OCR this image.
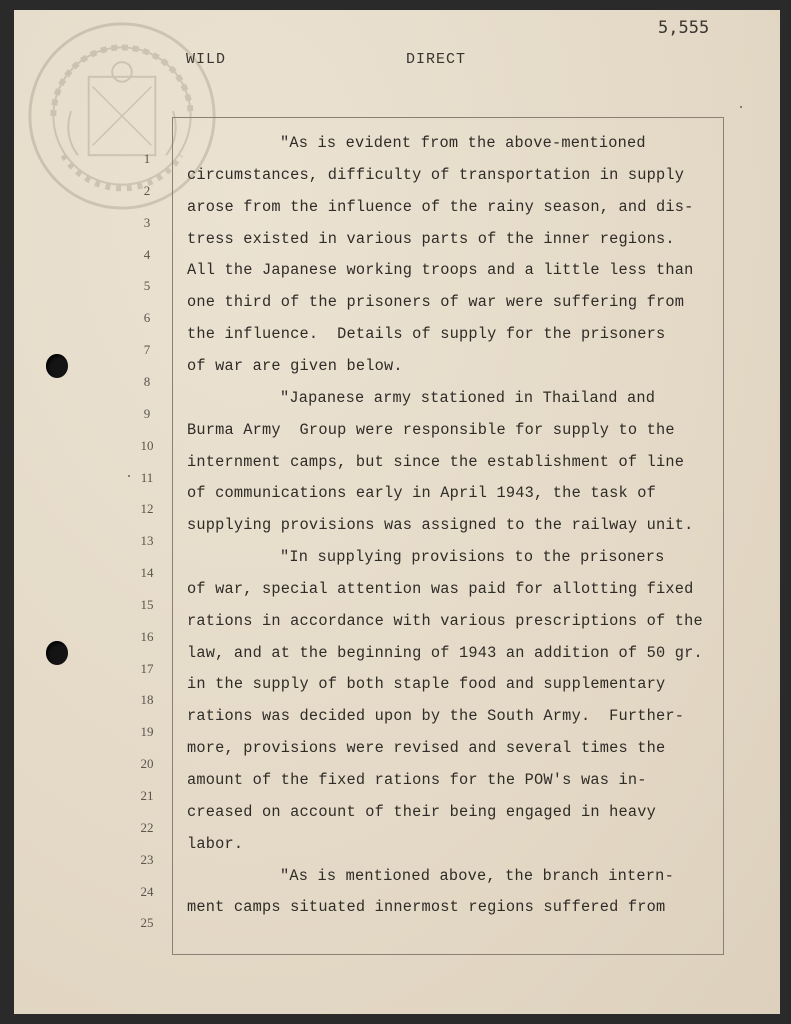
5,555
WILD	DIRECT
1
2
3
4
5
6
7
8
9
10
11
12
13
14
15
16
17
18
19
20
21
22
23
24
25
"As is evident from the above-mentioned
circumstances, difficulty of transportation in supply
arose from the influence of the rainy season, and dis-
tress existed in various parts of the inner regions.
All the Japanese working troops and a little less than
one third of the prisoners of war were suffering from
the influence.  Details of supply for the prisoners
of war are given below.
"Japanese army stationed in Thailand and
Burma Army  Group were responsible for supply to the
internment camps, but since the establishment of line
of communications early in April 1943, the task of
supplying provisions was assigned to the railway unit.
"In supplying provisions to the prisoners
of war, special attention was paid for allotting fixed
rations in accordance with various prescriptions of the
law, and at the beginning of 1943 an addition of 50 gr.
in the supply of both staple food and supplementary
rations was decided upon by the South Army.  Further-
more, provisions were revised and several times the
amount of the fixed rations for the POW's was in-
creased on account of their being engaged in heavy
labor.
"As is mentioned above, the branch intern-
ment camps situated innermost regions suffered from
